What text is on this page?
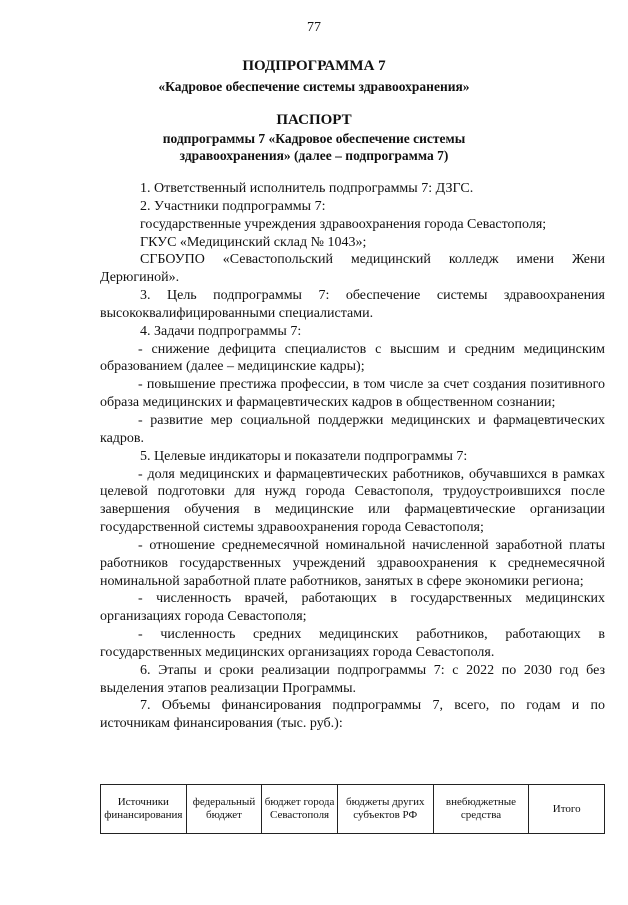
77
ПОДПРОГРАММА 7
«Кадровое обеспечение системы здравоохранения»
ПАСПОРТ
подпрограммы 7 «Кадровое обеспечение системы
здравоохранения» (далее – подпрограмма 7)

1. Ответственный исполнитель подпрограммы 7: ДЗГС.

2. Участники подпрограммы 7:

государственные учреждения здравоохранения города Севастополя;

ГКУС «Медицинский склад № 1043»;

СГБОУПО «Севастопольский медицинский колледж имени Жени Дерюгиной».

3. Цель подпрограммы 7: обеспечение системы здравоохранения высококвалифицированными специалистами.

4. Задачи подпрограммы 7:

- снижение дефицита специалистов с высшим и средним медицинским образованием (далее – медицинские кадры);

- повышение престижа профессии, в том числе за счет создания позитивного образа медицинских и фармацевтических кадров в общественном сознании;

- развитие мер социальной поддержки медицинских и фармацевтических кадров.

5. Целевые индикаторы и показатели подпрограммы 7:

- доля медицинских и фармацевтических работников, обучавшихся в рамках целевой подготовки для нужд города Севастополя, трудоустроившихся после завершения обучения в медицинские или фармацевтические организации государственной системы здравоохранения города Севастополя;

- отношение среднемесячной номинальной начисленной заработной платы работников государственных учреждений здравоохранения к среднемесячной номинальной заработной плате работников, занятых в сфере экономики региона;

- численность врачей, работающих в государственных медицинских организациях города Севастополя;

- численность средних медицинских работников, работающих в государственных медицинских организациях города Севастополя.

6. Этапы и сроки реализации подпрограммы 7: с 2022 по 2030 год без выделения этапов реализации Программы.

7. Объемы финансирования подпрограммы 7, всего, по годам и по источникам финансирования (тыс. руб.):

Источники финансирования	федеральный бюджет	бюджет города Севастополя	бюджеты других субъектов РФ	внебюджетные средства	Итого
